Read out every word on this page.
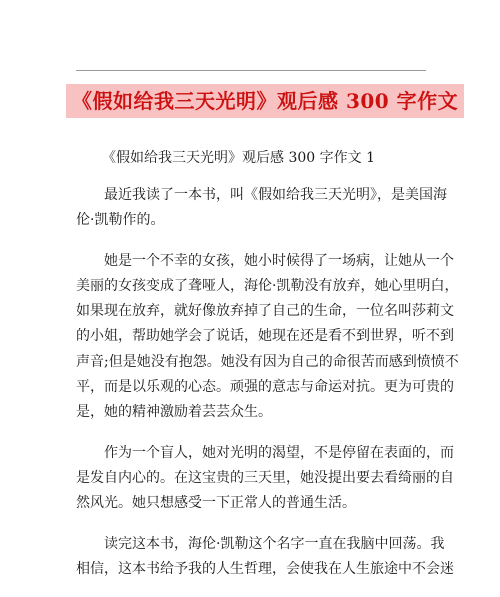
《假如给我三天光明》观后感 300 字作文
《假如给我三天光明》观后感 300 字作文 1

最近我读了一本书，叫《假如给我三天光明》，是美国海
伦·凯勒作的。

她是一个不幸的女孩，她小时候得了一场病，让她从一个
美丽的女孩变成了聋哑人，海伦·凯勒没有放弃，她心里明白，
如果现在放弃，就好像放弃掉了自己的生命，一位名叫莎莉文
的小姐，帮助她学会了说话，她现在还是看不到世界，听不到
声音;但是她没有抱怨。她没有因为自己的命很苦而感到愤愤不
平，而是以乐观的心态。顽强的意志与命运对抗。更为可贵的
是，她的精神激励着芸芸众生。

作为一个盲人，她对光明的渴望，不是停留在表面的，而
是发自内心的。在这宝贵的三天里，她没提出要去看绮丽的自
然风光。她只想感受一下正常人的普通生活。

读完这本书，海伦·凯勒这个名字一直在我脑中回荡。我
相信，这本书给予我的人生哲理，会使我在人生旅途中不会迷
